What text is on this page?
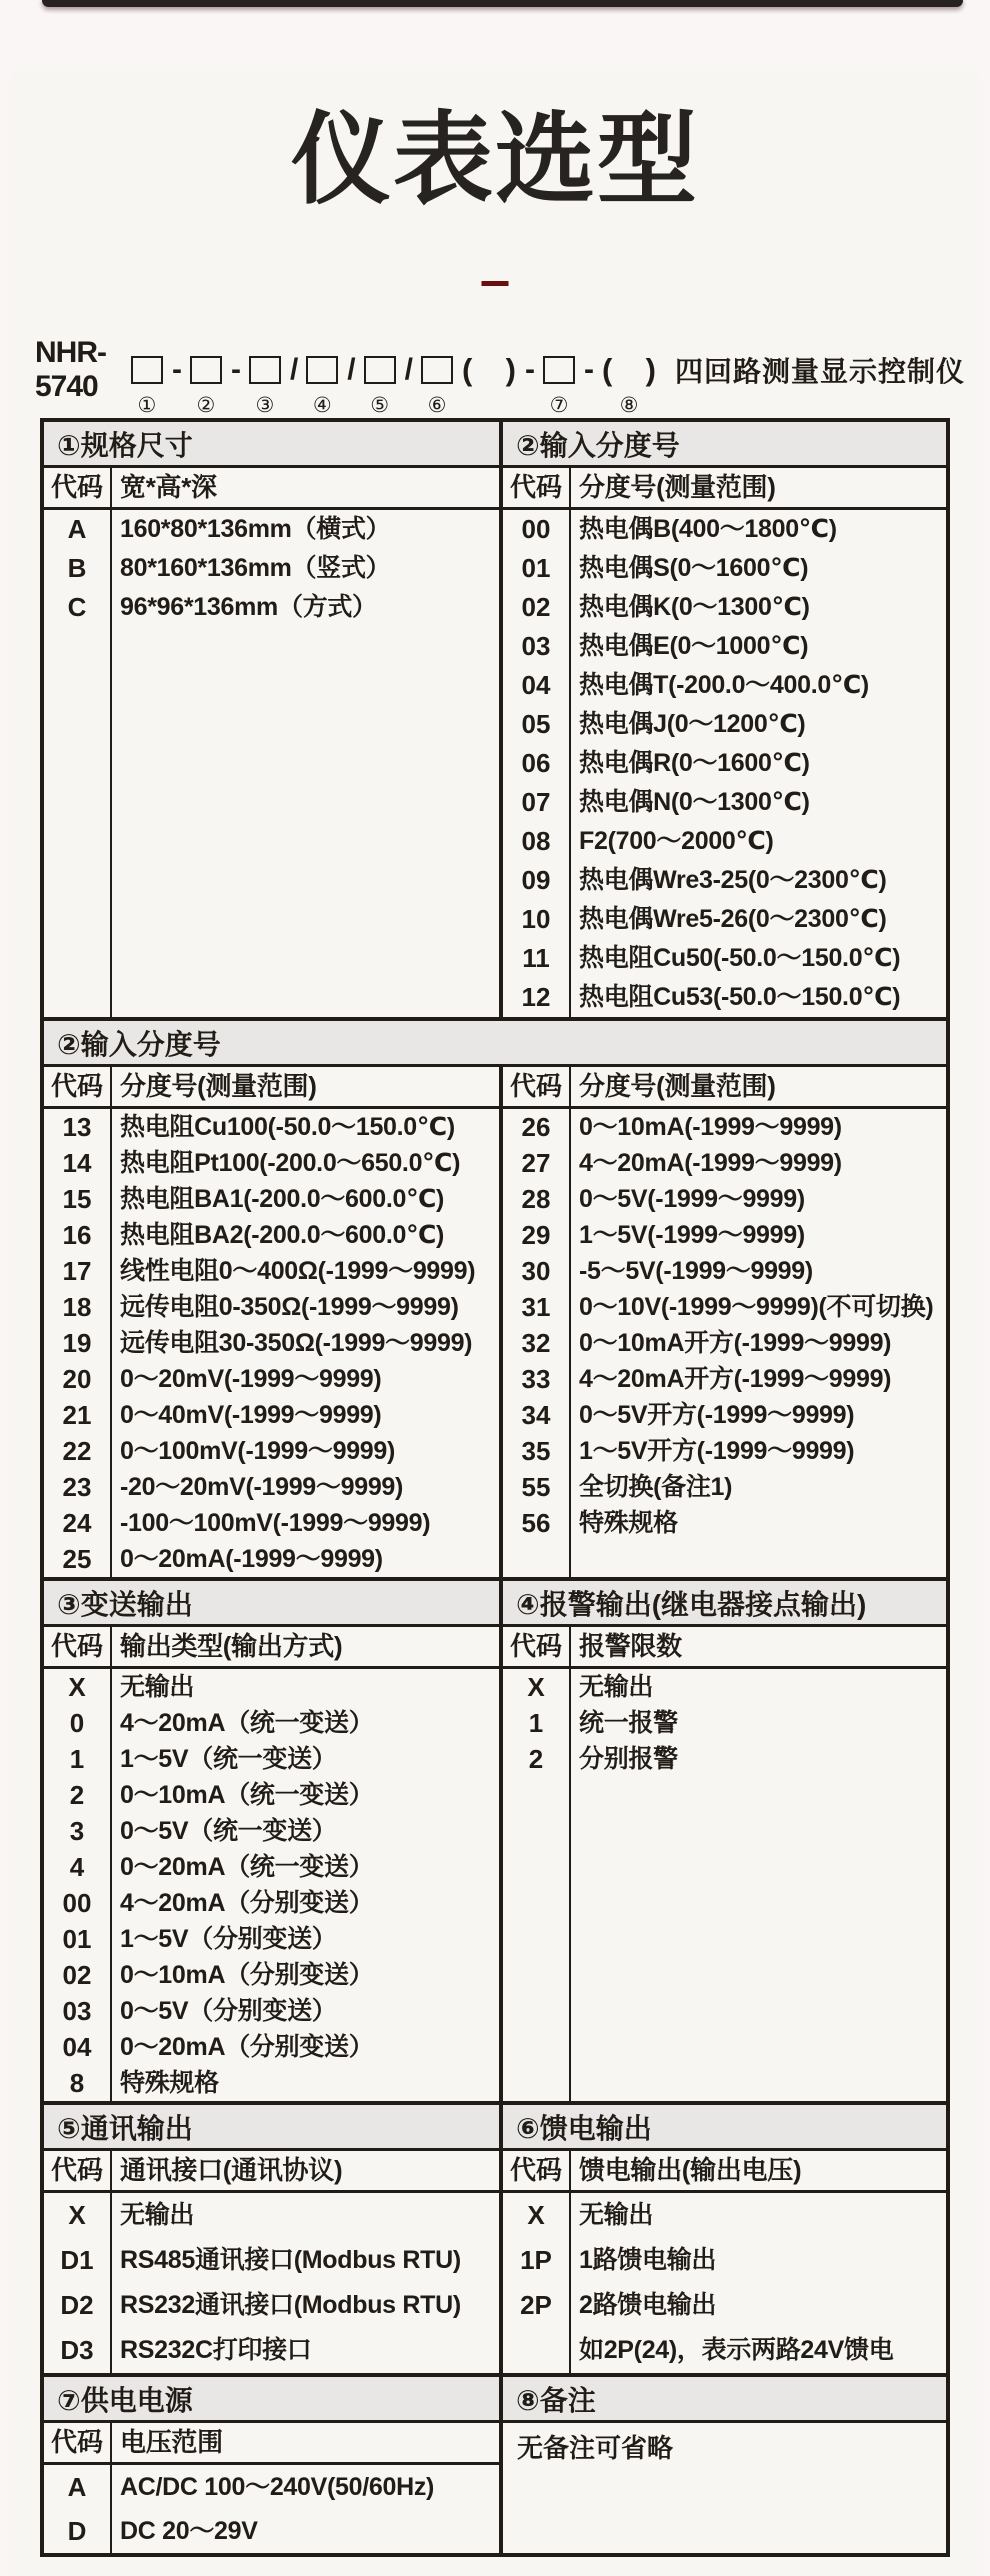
仪表选型
NHR-5740
①
-
②
-
③
/
④
/
⑤
/
⑥
( ) -
⑦
- ( )
⑧
四回路测量显示控制仪
①规格尺寸	②输入分度号
代码 宽*高*深
A	160*80*136mm（横式）
B	80*160*136mm（竖式）
C	96*96*136mm（方式）
代码 分度号(测量范围)
00	热电偶B(400～1800℃)
01	热电偶S(0～1600℃)
02	热电偶K(0～1300℃)
03	热电偶E(0～1000℃)
04	热电偶T(-200.0～400.0℃)
05	热电偶J(0～1200℃)
06	热电偶R(0～1600℃)
07	热电偶N(0～1300℃)
08	F2(700～2000℃)
09	热电偶Wre3-25(0～2300℃)
10	热电偶Wre5-26(0～2300℃)
11	热电阻Cu50(-50.0～150.0℃)
12	热电阻Cu53(-50.0～150.0℃)
②输入分度号
代码 分度号(测量范围)
13	热电阻Cu100(-50.0～150.0℃)
14	热电阻Pt100(-200.0～650.0℃)
15	热电阻BA1(-200.0～600.0℃)
16	热电阻BA2(-200.0～600.0℃)
17	线性电阻0～400Ω(-1999～9999)
18	远传电阻0-350Ω(-1999～9999)
19	远传电阻30-350Ω(-1999～9999)
20	0～20mV(-1999～9999)
21	0～40mV(-1999～9999)
22	0～100mV(-1999～9999)
23	-20～20mV(-1999～9999)
24	-100～100mV(-1999～9999)
25	0～20mA(-1999～9999)
代码 分度号(测量范围)
26	0～10mA(-1999～9999)
27	4～20mA(-1999～9999)
28	0～5V(-1999～9999)
29	1～5V(-1999～9999)
30	-5～5V(-1999～9999)
31	0～10V(-1999～9999)(不可切换)
32	0～10mA开方(-1999～9999)
33	4～20mA开方(-1999～9999)
34	0～5V开方(-1999～9999)
35	1～5V开方(-1999～9999)
55	全切换(备注1)
56	特殊规格
③变送输出	④报警输出(继电器接点输出)
代码 输出类型(输出方式)
X	无输出
0	4～20mA（统一变送）
1	1～5V（统一变送）
2	0～10mA（统一变送）
3	0～5V（统一变送）
4	0～20mA（统一变送）
00	4～20mA（分别变送）
01	1～5V（分别变送）
02	0～10mA（分别变送）
03	0～5V（分别变送）
04	0～20mA（分别变送）
8	特殊规格
代码 报警限数
X	无输出
1	统一报警
2	分别报警
⑤通讯输出	⑥馈电输出
代码 通讯接口(通讯协议)
X	无输出
D1	RS485通讯接口(Modbus RTU)
D2	RS232通讯接口(Modbus RTU)
D3	RS232C打印接口
代码 馈电输出(输出电压)
X	无输出
1P	1路馈电输出
2P	2路馈电输出
如2P(24)，表示两路24V馈电
⑦供电电源	⑧备注
代码 电压范围
A	AC/DC 100～240V(50/60Hz)
D	DC 20～29V
无备注可省略
